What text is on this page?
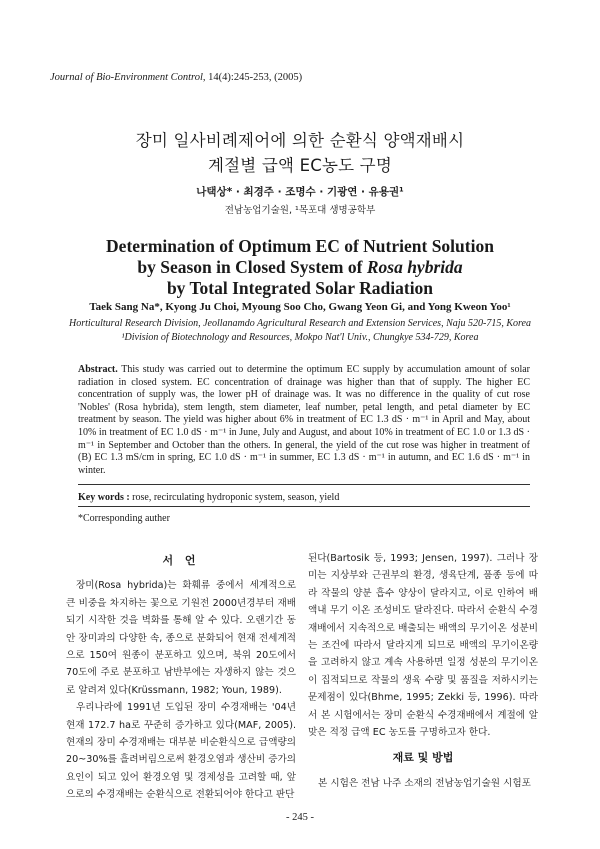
Journal of Bio-Environment Control, 14(4):245-253, (2005)
장미 일사비례제어에 의한 순환식 양액재배시
계절별 급액 EC농도 구명
나택상* · 최경주 · 조명수 · 기광연 · 유용권¹
전남농업기술원, ¹목포대 생명공학부
Determination of Optimum EC of Nutrient Solution
by Season in Closed System of Rosa hybrida
by Total Integrated Solar Radiation
Taek Sang Na*, Kyong Ju Choi, Myoung Soo Cho, Gwang Yeon Gi, and Yong Kweon Yoo¹
Horticultural Research Division, Jeollanamdo Agricultural Research and Extension Services, Naju 520-715, Korea
¹Division of Biotechnology and Resources, Mokpo Nat'l Univ., Chungkye 534-729, Korea
Abstract. This study was carried out to determine the optimum EC supply by accumulation amount of solar radiation in closed system. EC concentration of drainage was higher than that of supply. The higher EC concentration of supply was, the lower pH of drainage was. It was no difference in the quality of cut rose 'Nobles' (Rosa hybrida), stem length, stem diameter, leaf number, petal length, and petal diameter by EC treatment by season. The yield was higher about 6% in treatment of EC 1.3 dS · m⁻¹ in April and May, about 10% in treatment of EC 1.0 dS · m⁻¹ in June, July and August, and about 10% in treatment of EC 1.0 or 1.3 dS · m⁻¹ in September and October than the others. In general, the yield of the cut rose was higher in treatment of (B) EC 1.3 mS/cm in spring, EC 1.0 dS · m⁻¹ in summer, EC 1.3 dS · m⁻¹ in autumn, and EC 1.6 dS · m⁻¹ in winter.
Key words : rose, recirculating hydroponic system, season, yield
*Corresponding auther
서 언

장미(Rosa hybrida)는 화훼류 중에서 세계적으로 큰 비중을 차지하는 꽃으로 기원전 2000년경부터 재배되기 시작한 것을 벽화를 통해 알 수 있다. 오랜기간 동안 장미과의 다양한 속, 종으로 분화되어 현재 전세계적으로 150여 원종이 분포하고 있으며, 북위 20도에서 70도에 주로 분포하고 남반부에는 자생하지 않는 것으로 알려져 있다(Krüssmann, 1982; Youn, 1989).

우리나라에 1991년 도입된 장미 수경재배는 '04년 현재 172.7 ha로 꾸준히 증가하고 있다(MAF, 2005). 현재의 장미 수경재배는 대부분 비순환식으로 급액량의 20~30%를 흘려버림으로써 환경오염과 생산비 증가의 요인이 되고 있어 환경오염 및 경제성을 고려할 때, 앞으로의 수경재배는 순환식으로 전환되어야 한다고 판단

된다(Bartosik 등, 1993; Jensen, 1997). 그러나 장미는 지상부와 근권부의 환경, 생육단계, 품종 등에 따라 작물의 양분 흡수 양상이 달라지고, 이로 인하여 배액내 무기 이온 조성비도 달라진다. 따라서 순환식 수경재배에서 지속적으로 배출되는 배액의 무기이온 성분비는 조건에 따라서 달라지게 되므로 배액의 무기이온량을 고려하지 않고 계속 사용하면 일정 성분의 무기이온이 집적되므로 작물의 생육 수량 및 품질을 저하시키는 문제점이 있다(Bhme, 1995; Zekki 등, 1996). 따라서 본 시험에서는 장미 순환식 수경재배에서 계절에 알맞은 적정 급액 EC 농도를 구명하고자 한다.

재료 및 방법

본 시험은 전남 나주 소재의 전남농업기술원 시험포

- 245 -
